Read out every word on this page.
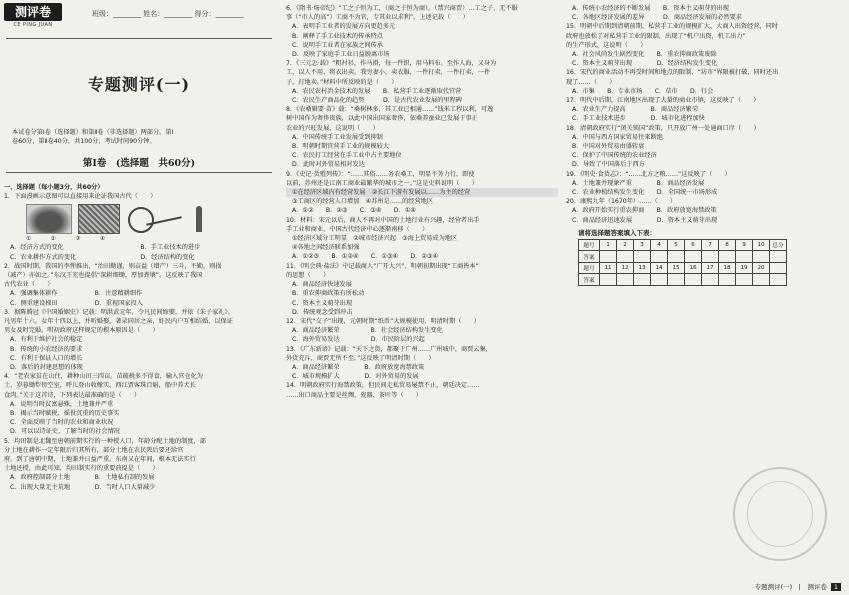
测评卷
CE PING JUAN
班级：________ 姓名：________ 得分：________
专题测评(一)

本试卷分第Ⅰ卷（选择题）和第Ⅱ卷（非选择题）两部分。第Ⅰ

卷60分，第Ⅱ卷40分，共100分，考试时间90分钟。

第Ⅰ卷　(选择题　共60分)

一、选择题（每小题3分，共60分）

1．下面漫画示意图可以直接用来论证我国古代（　　）

① ② ③ ④

A．经济方式的变化	B．手工业技术的进步

C．农业耕作方式的变化	D．经济结构的变化

2．战国时期，我国的李悝推出，“治田勤谨，则亩益（增产）三斗，不勤，则损

（减产）亦如之。”东汉王充也提倡“深耕细锄，厚加粪壤”。这反映了我国

古代农业（　　）

A．强调集体耕作　　　　　　B．注意精耕细作

C．侧重建设梯田　　　　　　D．重视国家投入

3．据陈腾冠《中国婚姻史》记载：明洪武元年，令凡民间嫁娶，并依《朱子家礼》。

凡男年十六，女年十四以上，并听婚娶。著录同居之亲，奸民内户互相结婚，以保证

男女及时完婚。明初政府这样规定的根本原因是（　　）

A．有利于维护社会的稳定

B．传统的小农经济的要求

C．有利于保证人口的增长

D．落后的封建思想的体现

4．“老农家贫在山住，耕种山田三四亩。苗疏税多不得食，输入官仓化为

土，岁暮锄犁傍空室，呼儿登山收橡实。西江贾客珠百斛，船中养犬长

食肉。”关于这首诗，下列表达最准确的是（　　）

A．说明当时贫富悬殊，土地兼并严重

B．揭示当时赋税、徭役沉重的历史事实

C．全面反映了当时的农业和商业状况

D．可以以诗证史，了解当时的社会情况

5．均田制是北魏至唐朝前期实行的一种授人口，年龄分配土地的制度，部

分土地在耕作一定年限后归其所有，部分土地在农民死后要还给官

府。到了唐朝中期，土地兼并日益严重。东南又在年间，根本无法实行

土地还授，由此可知，均田制实行的重要前提是（　　）

A．政府控制部分土地　　　　B．土地私有制的发展

C．出现大量无主荒地　　　　D．当时人口大量减少

6．《隋书·炀帝纪》“工之子恒为工，（商之子恒为商）。（禁兴商贾）…工之子，无不服

事（“市人的高”）工商不为官，专其业以求利”，上述记载（　　）

A．表明手工业者的发展方向更趋多元

B．阐释了手工业技术的传承特点

C．说明手工业者在家族之间传承

D．反映了家庭手工业日益脱离市场

7．《三元怎·载》“粗衬衫，作马褂，每一件织，用马料布。至作人海，又身为

工，以人不用，将衣出卖。我穷妻小，卖衣服，一件打卖，一件打卖，一件

子，打地卖。”材料中所反映的是（　　）

A．农民农村冶金技术的发展　　B．私营手工业逐渐取代官营

C．农民生产商品化的趋势　　　D．是古代农业发展的里程碑

8．《农桑辑要·苗》载：“桑树林多，其工业已相通……”钱米工程以利，可逸

树中国作为奢侈贵族，以此中国出国家奢侈，依桑养蚕业已发展于事正

农业的兴旺发展，这说明（　　）

A．中国传统手工业发展受到抑制

B．明朝时期官营手工业的规模较大

C．农民打工经营在手工业中占主要地位

D．此时对外贸易相对发达

9．《史记·货殖列传》：“……其俗……务农桑工，明显不务力行，即使

以前，苏州还是江南工商业最繁华的城市之一。”这是史料说明（　　）

①在经济区域内有经营发展　②长江下游有发展以……为主的经营

③工商区的经营人口增加　④苏州是……的经营地区

A．①②　　B．②③　　C．③④　　D．①④

10．材料：宋元以后，商人不再对中国的土地行业有兴趣，经营者出手

手工业和商业，中国古代经济中心逐渐南移（　　）

①经济区域分工明显　②城市经济兴起　③海上贸易成为地区

④各地之间经济联系加强

A．①②③　　B．①②④　　C．①③④　　D．②③④

11．《明会典·盐法》中记载商人“广开大兴”，明朝初期出现“工商皆本”

的思想（　　）

A．商品经济快速发展

B．重农抑商政策有所松动

C．资本主义萌芽出现

D．传统观念受到冲击

12．宋代“交子”出现，元朝时期“纸币”大规模使用，明清时期（　　）

A．商品经济繁荣　　　　　B．社会经济结构发生变化

C．海外贸易发达　　　　　D．市民阶层的兴起

13．《广东新语》记载：“天下之货，都聚于广州……广州城中，商贾云集，

外货充斥，商贾无所不至。”这反映了明清时期（　　）

A．商品经济繁荣　　　　B．政府放宽海禁政策

C．城市规模扩大　　　　D．对外贸易的发展

14．明朝政府实行海禁政策，但民间走私贸易屡禁不止，朝廷决定……

……出口商品主要是丝绸、瓷器、茶叶等（　　）

A．传统小农经济的不断发展　　B．资本主义萌芽的出现

C．各地区经济发展的差异　　　D．商品经济发展的必然要求

15．明朝中后期到清朝前期，私营手工业的规模扩大，大商人出资经营，同时

政府也放松了对私营手工业的限制，出现了“机户出资，机工出力”

的生产形式，这说明（　　）

A．社会风尚发生剧烈变化　　B．重农抑商政策废除

C．资本主义萌芽出现　　　　D．经济结构发生变化

16．宋代的商业活动不再受时间和地点的限制，“坊市”界限被打破，同时还出

现了……（　　）

A．市集　　B．专业市场　　C．草市　　D．行会

17．明代中后期，江南地区出现了大量的商业市镇，这反映了（　　）

A．农业生产力提高　　　　B．商品经济繁荣

C．手工业技术进步　　　　D．城市化进程加快

18．清朝政府实行“闭关锁国”政策，只开放广州一处通商口岸（　　）

A．中国与西方国家贸易往来断绝

B．中国对外贸易由盛转衰

C．保护了中国传统的农业经济

D．导致了中国落后于西方

19．《明史·食货志》：“……北方之粮……”这反映了（　　）

A．土地兼并现象严重　　　　B．商品经济发展

C．农业种植结构发生变化　　D．全国统一市场形成

20．康熙九年（1670年）……（　　）

A．政府开始实行重农抑商　　B．政府放宽海禁政策

C．商品经济迅速发展　　　　D．资本主义萌芽出现

请将选择题答案填入下表：
题号	1	2	3	4	5	6	7	8	9	10	总分
答案											
题号	11	12	13	14	15	16	17	18	19	20	
答案											
专题测评(一)　|　测评卷 1
